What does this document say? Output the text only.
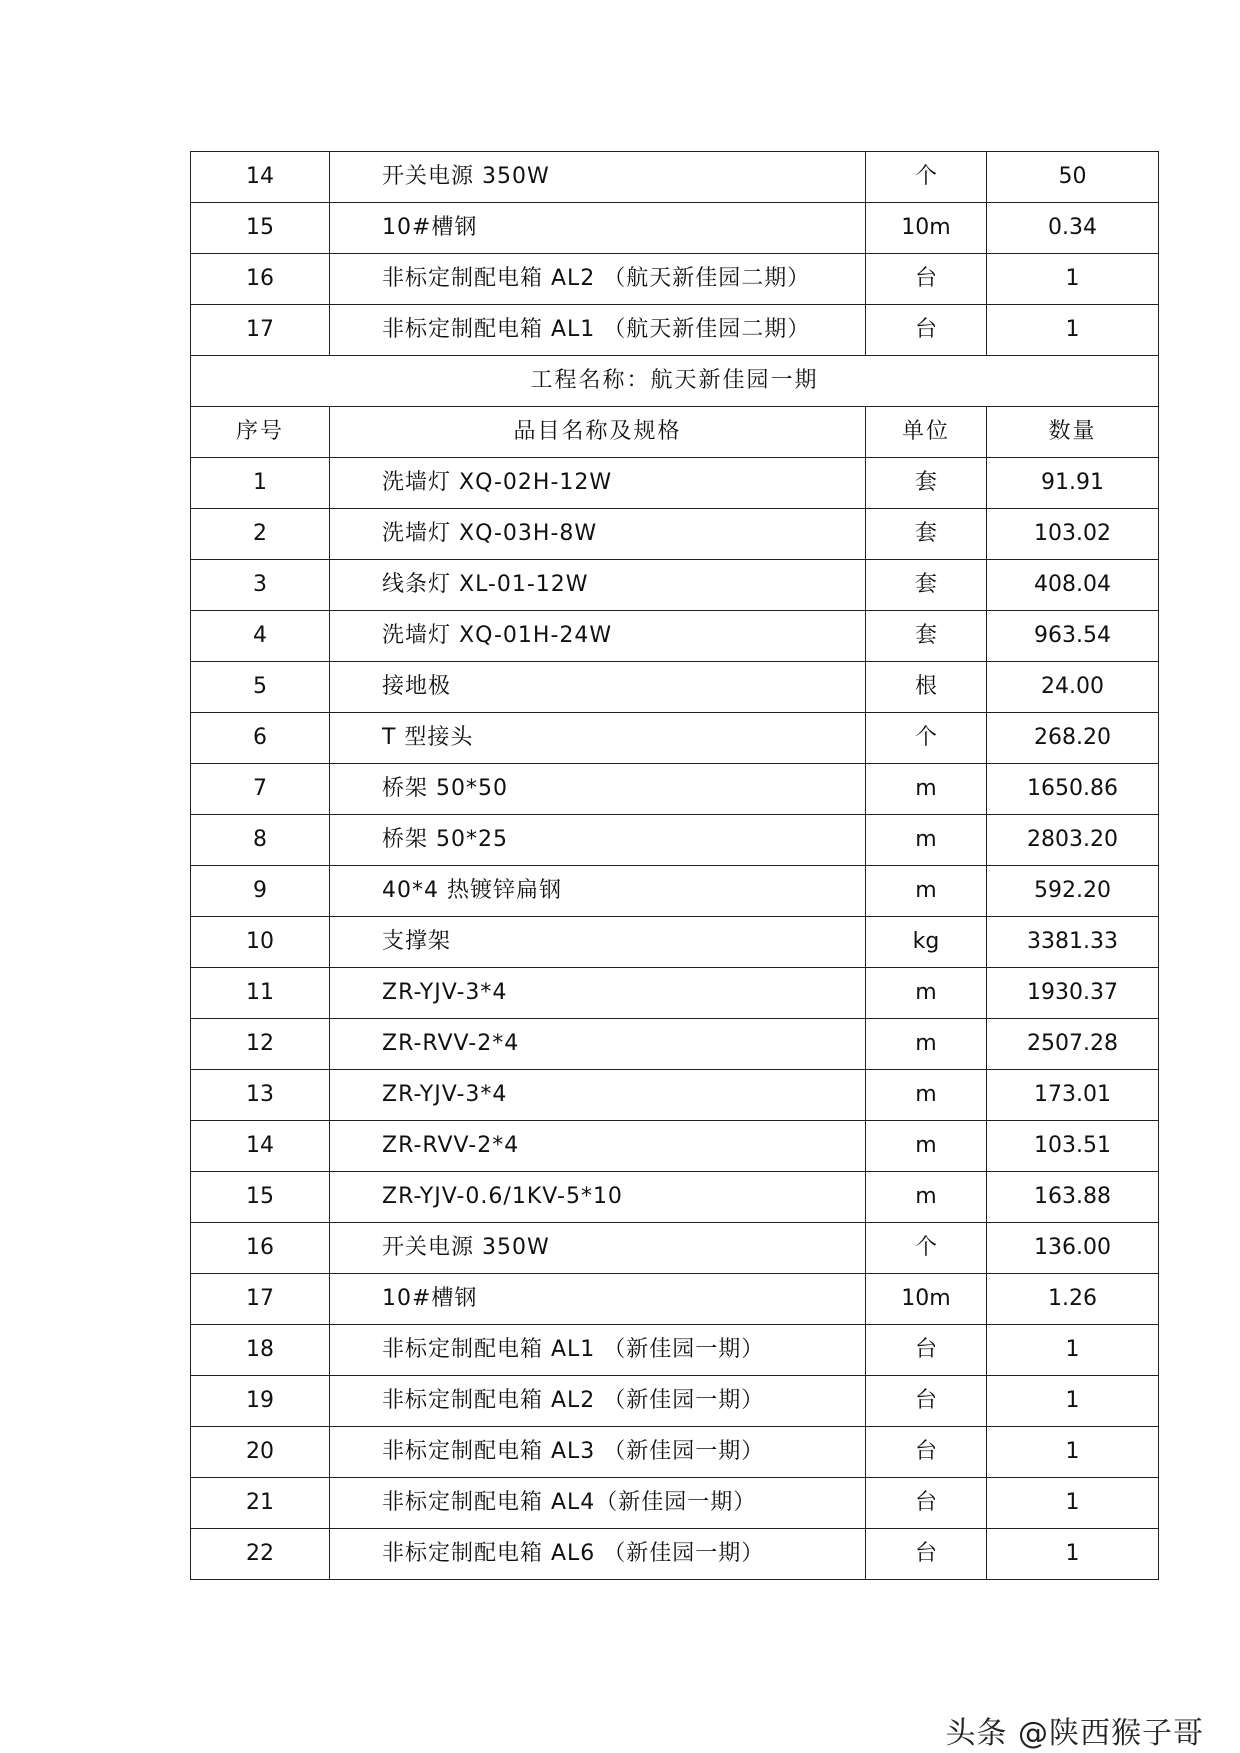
14	开关电源 350W	个	50
15	10#槽钢	10m	0.34
16	非标定制配电箱 AL2 （航天新佳园二期）	台	1
17	非标定制配电箱 AL1 （航天新佳园二期）	台	1
工程名称：航天新佳园一期			
序号	品目名称及规格	单位	数量
1	洗墙灯 XQ-02H-12W	套	91.91
2	洗墙灯 XQ-03H-8W	套	103.02
3	线条灯 XL-01-12W	套	408.04
4	洗墙灯 XQ-01H-24W	套	963.54
5	接地极	根	24.00
6	T 型接头	个	268.20
7	桥架 50*50	m	1650.86
8	桥架 50*25	m	2803.20
9	40*4 热镀锌扁钢	m	592.20
10	支撑架	kg	3381.33
11	ZR-YJV-3*4	m	1930.37
12	ZR-RVV-2*4	m	2507.28
13	ZR-YJV-3*4	m	173.01
14	ZR-RVV-2*4	m	103.51
15	ZR-YJV-0.6/1KV-5*10	m	163.88
16	开关电源 350W	个	136.00
17	10#槽钢	10m	1.26
18	非标定制配电箱 AL1 （新佳园一期）	台	1
19	非标定制配电箱 AL2 （新佳园一期）	台	1
20	非标定制配电箱 AL3 （新佳园一期）	台	1
21	非标定制配电箱 AL4（新佳园一期）	台	1
22	非标定制配电箱 AL6 （新佳园一期）	台	1
头条 @陕西猴子哥
